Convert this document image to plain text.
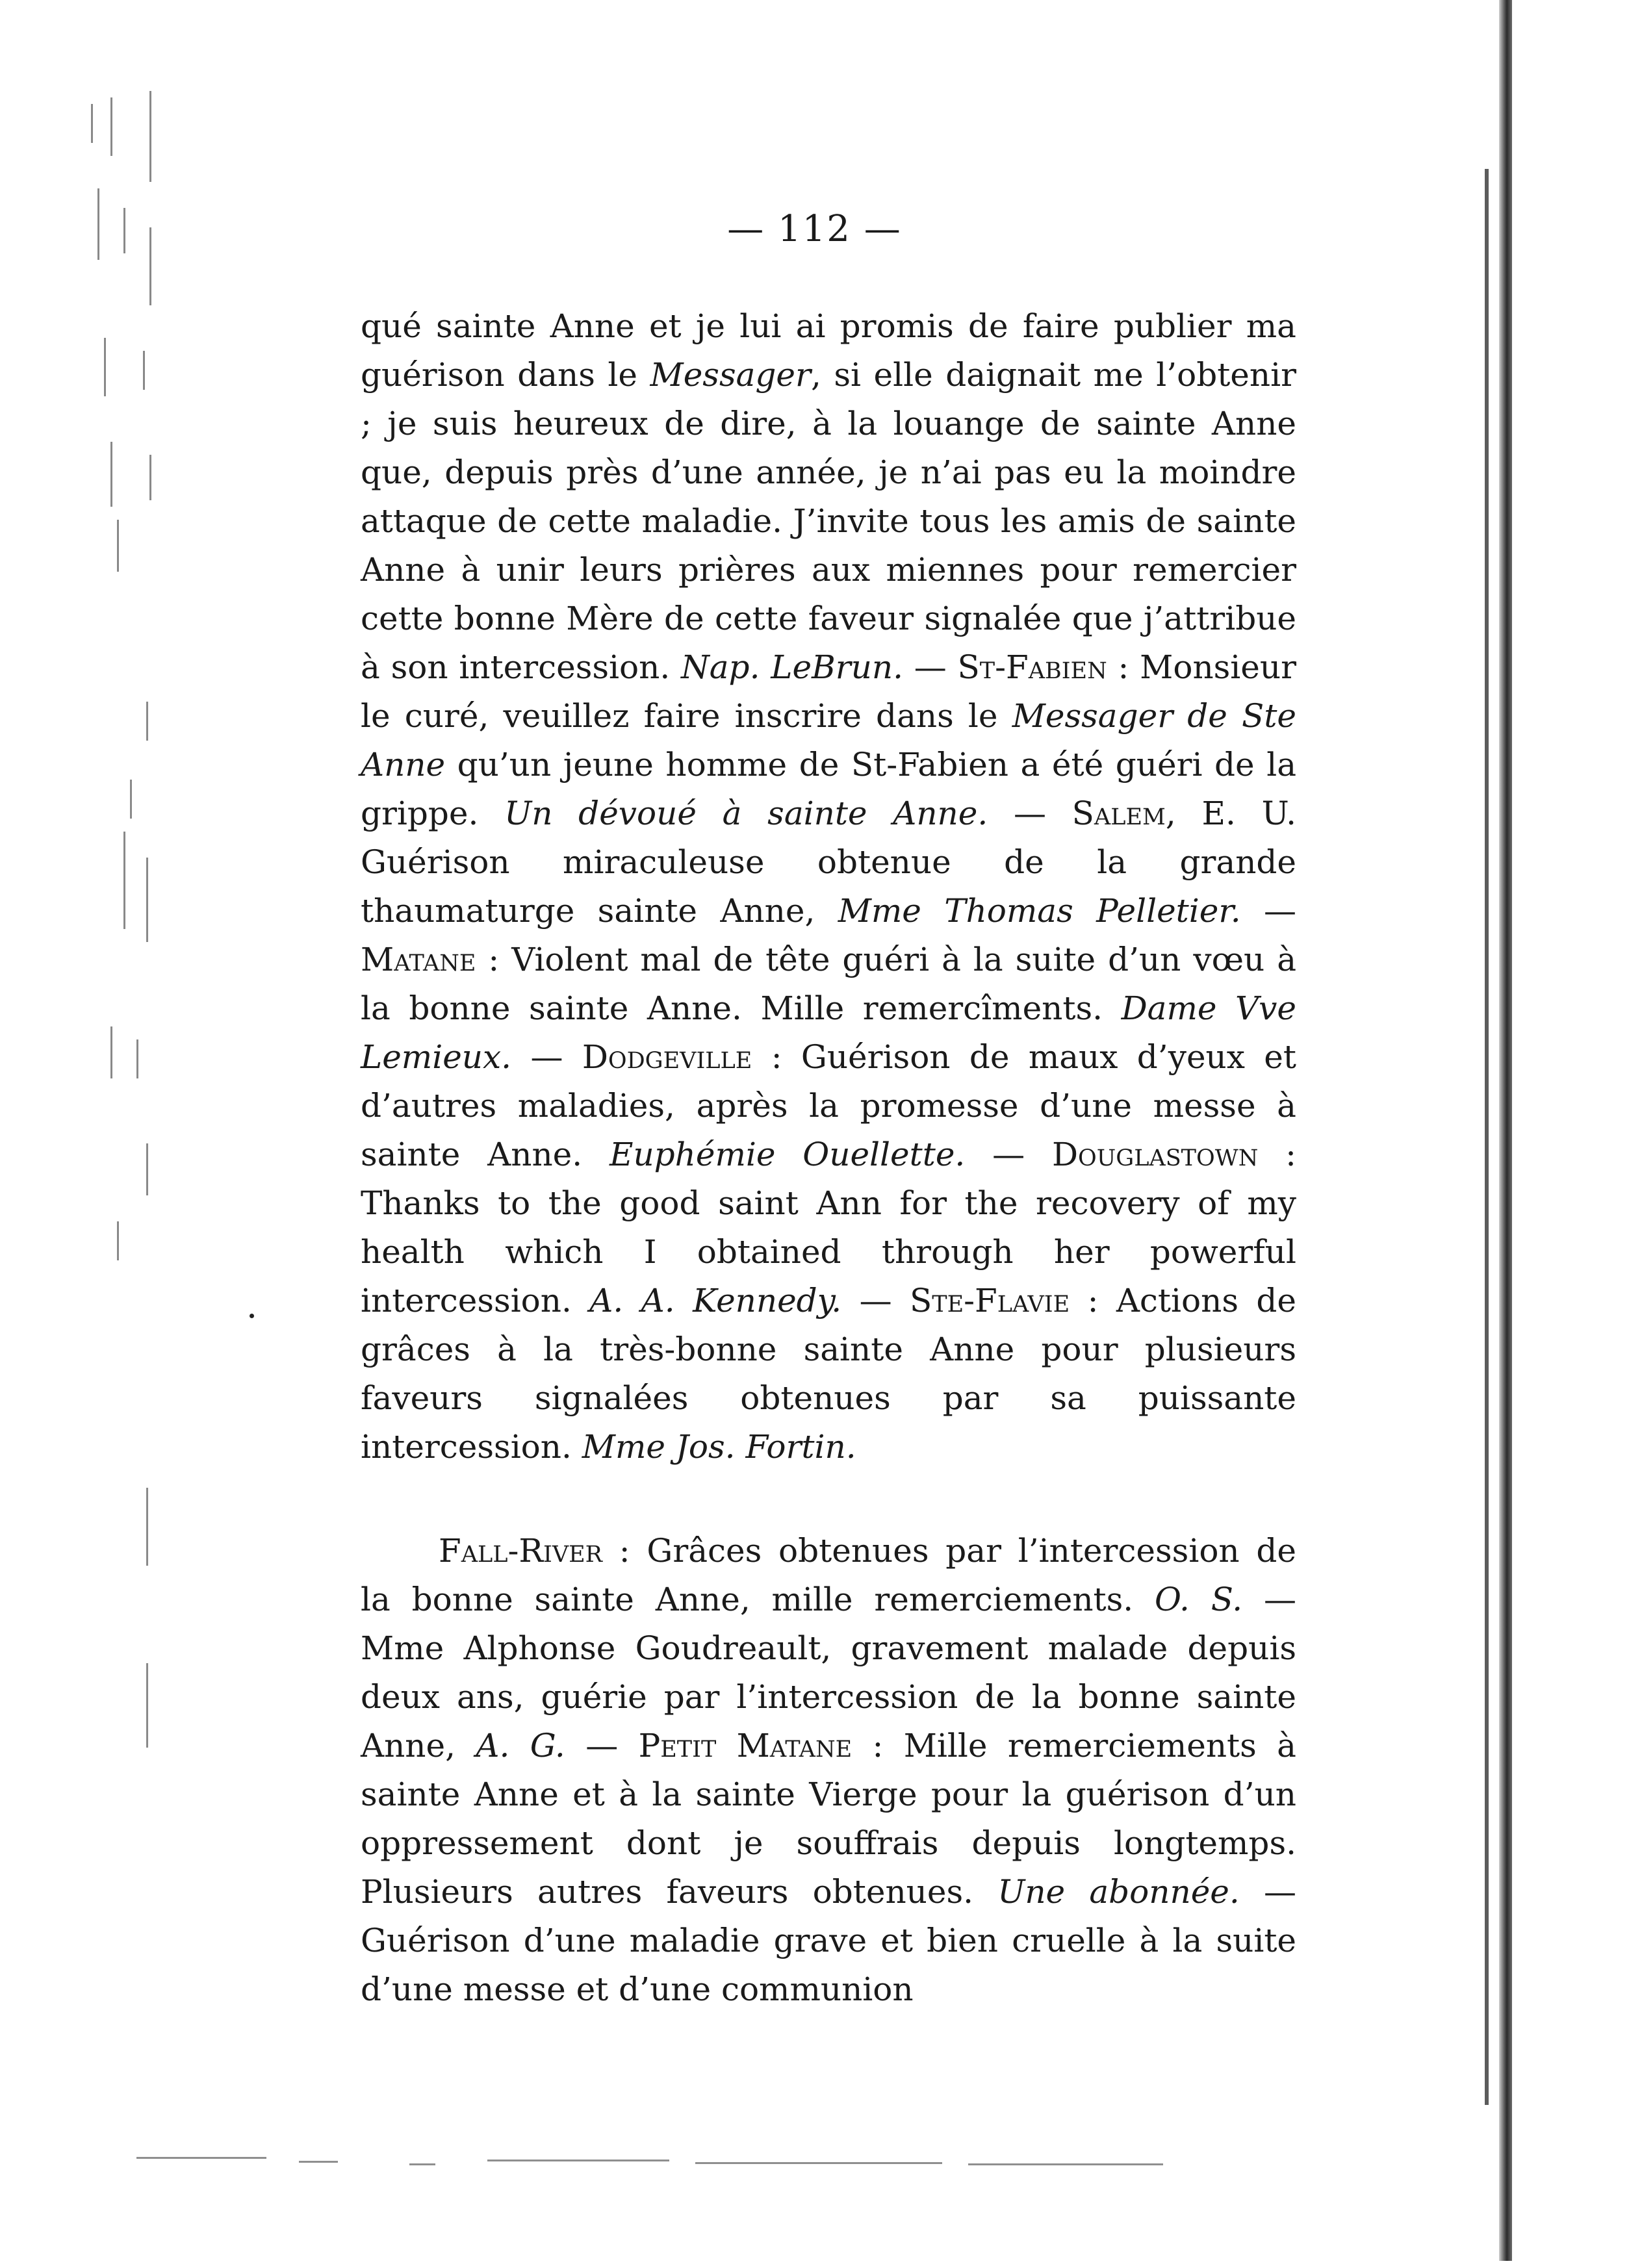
— 112 —

qué sainte Anne et je lui ai promis de faire publier ma guérison dans le Messager, si elle daignait me l’obtenir ; je suis heureux de dire, à la louange de sainte Anne que, depuis près d’une année, je n’ai pas eu la moindre attaque de cette maladie. J’invite tous les amis de sainte Anne à unir leurs prières aux miennes pour remercier cette bonne Mère de cette faveur signalée que j’attribue à son intercession. Nap. LeBrun. — St-Fabien : Monsieur le curé, veuillez faire inscrire dans le Messager de Ste Anne qu’un jeune homme de St-Fabien a été guéri de la grippe. Un dévoué à sainte Anne. — Salem, E. U. Guérison miraculeuse obtenue de la grande thaumaturge sainte Anne, Mme Thomas Pelletier. — Matane : Violent mal de tête guéri à la suite d’un vœu à la bonne sainte Anne. Mille remercîments. Dame Vve Lemieux. — Dodgeville : Guérison de maux d’yeux et d’autres maladies, après la promesse d’une messe à sainte Anne. Euphémie Ouellette. — Douglastown : Thanks to the good saint Ann for the recovery of my health which I obtained through her powerful intercession. A. A. Kennedy. — Ste-Flavie : Actions de grâces à la très-bonne sainte Anne pour plusieurs faveurs signalées obtenues par sa puissante intercession. Mme Jos. Fortin.

Fall-River : Grâces obtenues par l’intercession de la bonne sainte Anne, mille remerciements. O. S. — Mme Alphonse Goudreault, gravement malade depuis deux ans, guérie par l’intercession de la bonne sainte Anne, A. G. — Petit Matane : Mille remerciements à sainte Anne et à la sainte Vierge pour la guérison d’un oppressement dont je souffrais depuis longtemps. Plusieurs autres faveurs obtenues. Une abonnée. — Guérison d’une maladie grave et bien cruelle à la suite d’une messe et d’une communion
